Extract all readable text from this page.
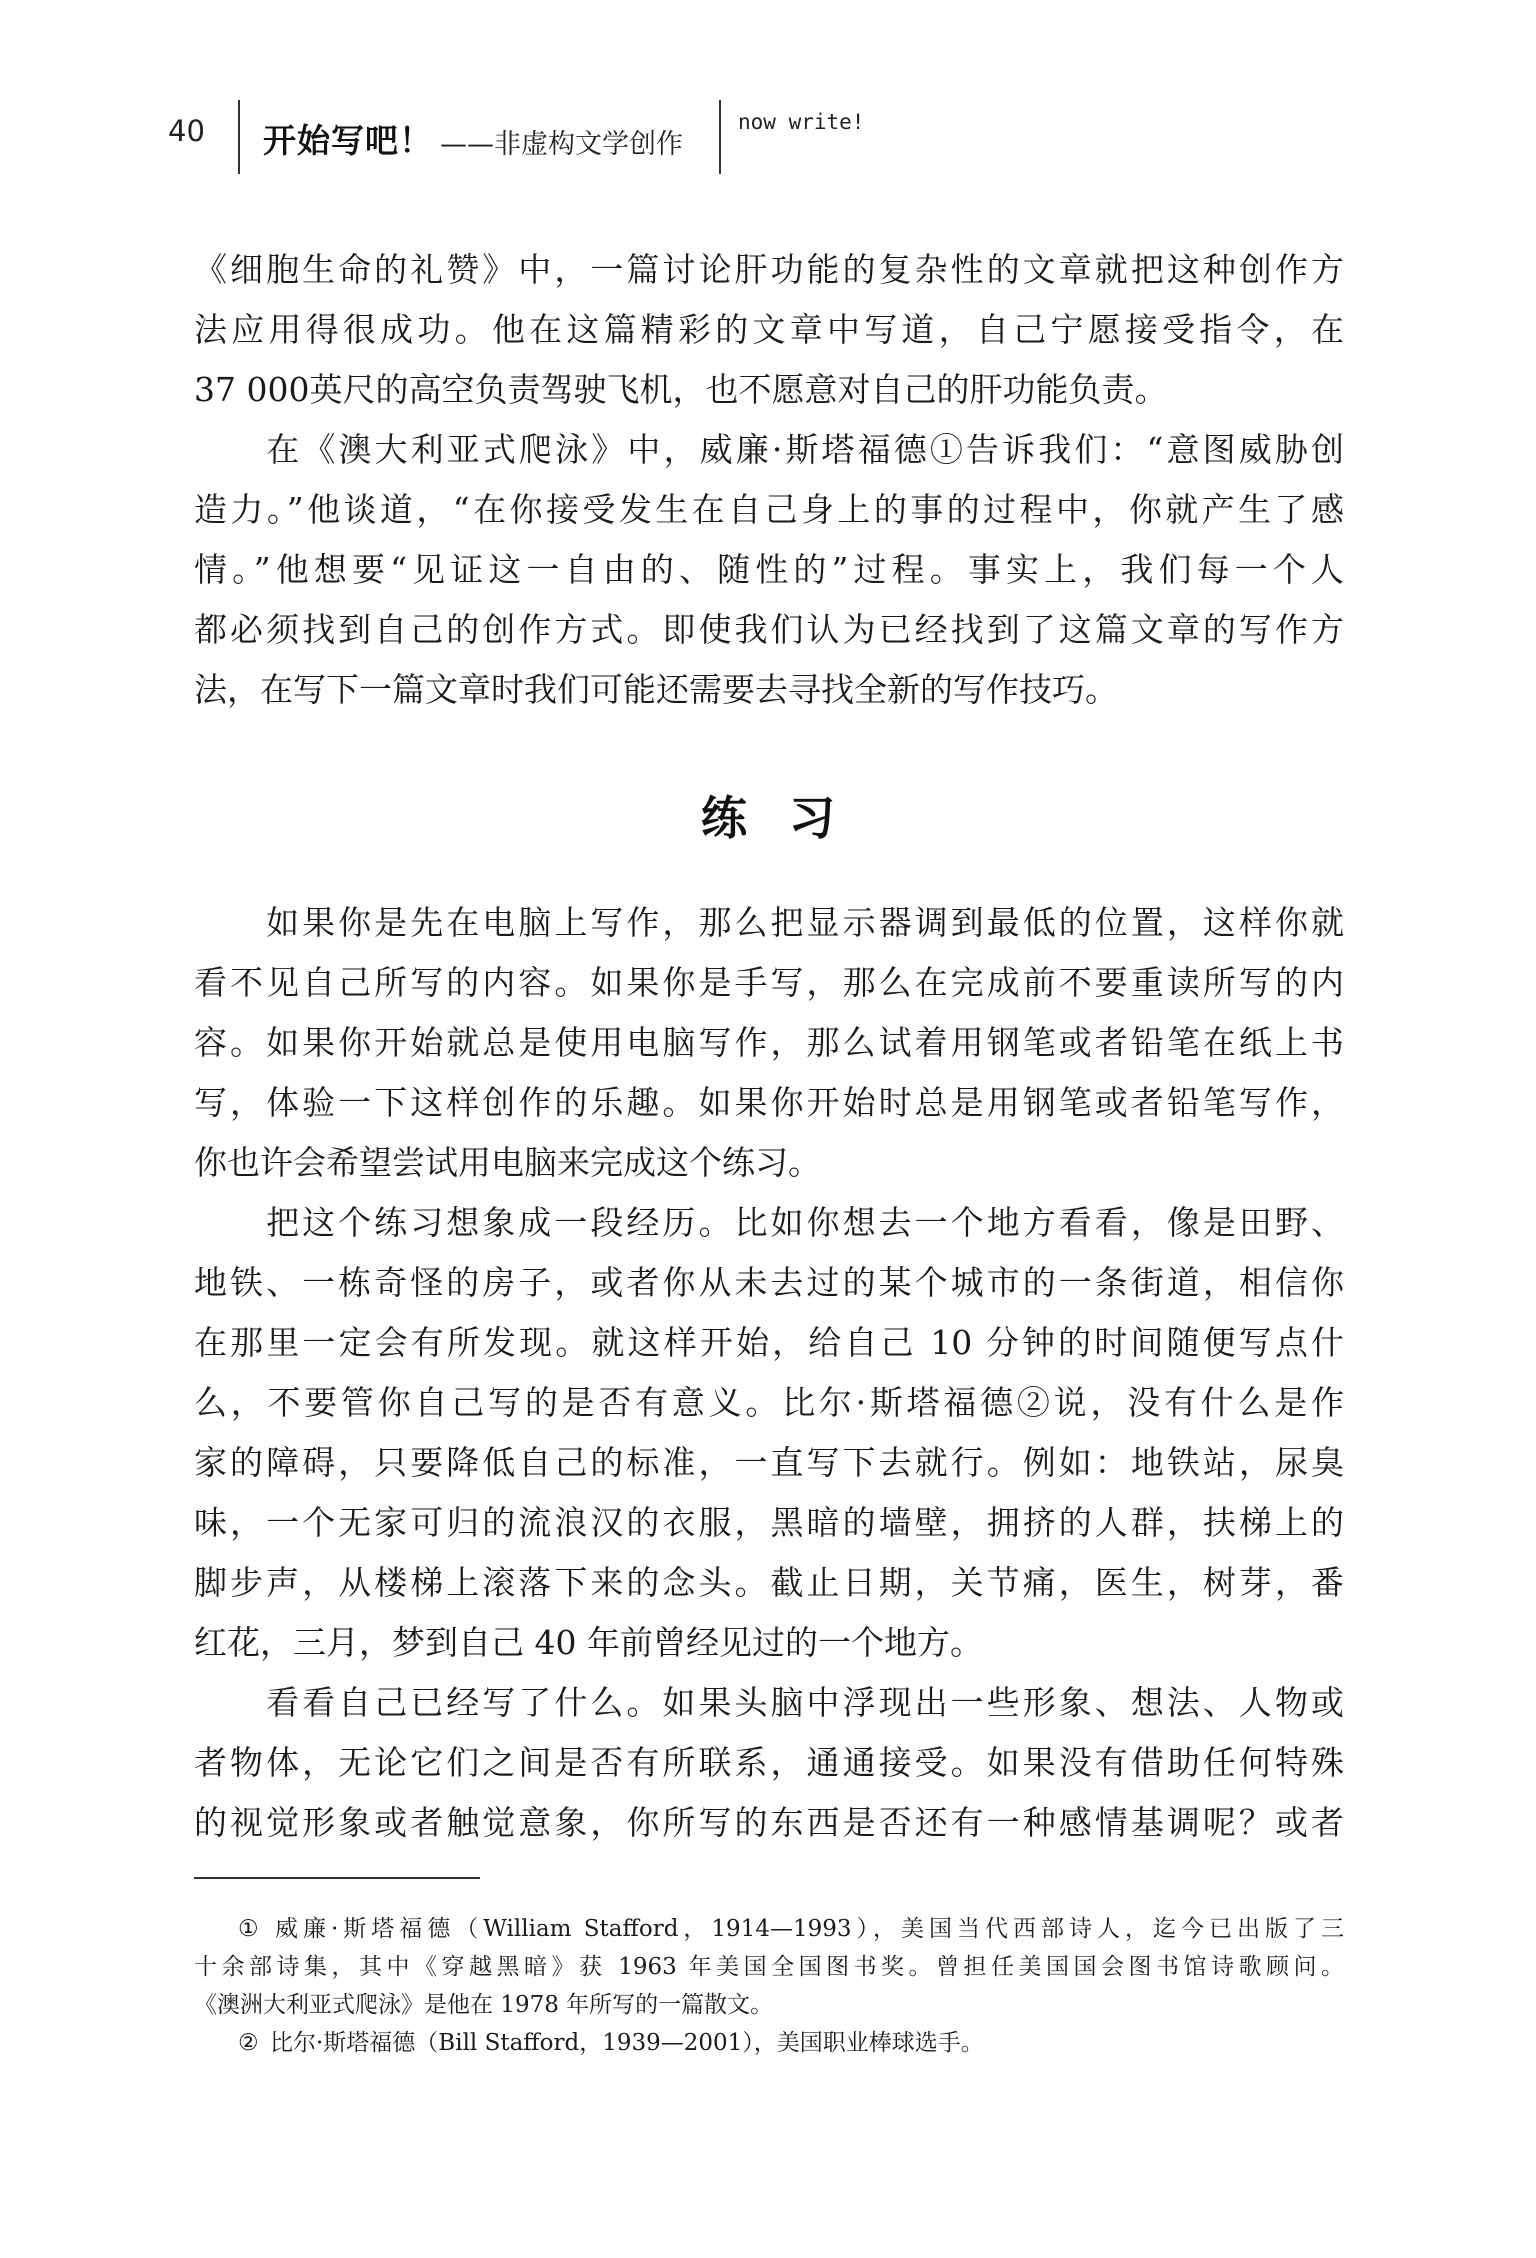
40 开始写吧！ ——非虚构文学创作
now write!
《细胞生命的礼赞》中，一篇讨论肝功能的复杂性的文章就把这种创作方
法应用得很成功。他在这篇精彩的文章中写道，自己宁愿接受指令，在
37 000英尺的高空负责驾驶飞机，也不愿意对自己的肝功能负责。
　　在《澳大利亚式爬泳》中，威廉·斯塔福德①告诉我们：“意图威胁创
造力。”他谈道，“在你接受发生在自己身上的事的过程中，你就产生了感
情。”他想要“见证这一自由的、随性的”过程。事实上，我们每一个人
都必须找到自己的创作方式。即使我们认为已经找到了这篇文章的写作方
法，在写下一篇文章时我们可能还需要去寻找全新的写作技巧。
练习
　　如果你是先在电脑上写作，那么把显示器调到最低的位置，这样你就
看不见自己所写的内容。如果你是手写，那么在完成前不要重读所写的内
容。如果你开始就总是使用电脑写作，那么试着用钢笔或者铅笔在纸上书
写，体验一下这样创作的乐趣。如果你开始时总是用钢笔或者铅笔写作，
你也许会希望尝试用电脑来完成这个练习。
　　把这个练习想象成一段经历。比如你想去一个地方看看，像是田野、
地铁、一栋奇怪的房子，或者你从未去过的某个城市的一条街道，相信你
在那里一定会有所发现。就这样开始，给自己 10 分钟的时间随便写点什
么，不要管你自己写的是否有意义。比尔·斯塔福德②说，没有什么是作
家的障碍，只要降低自己的标准，一直写下去就行。例如：地铁站，尿臭
味，一个无家可归的流浪汉的衣服，黑暗的墙壁，拥挤的人群，扶梯上的
脚步声，从楼梯上滚落下来的念头。截止日期，关节痛，医生，树芽，番
红花，三月，梦到自己 40 年前曾经见过的一个地方。
　　看看自己已经写了什么。如果头脑中浮现出一些形象、想法、人物或
者物体，无论它们之间是否有所联系，通通接受。如果没有借助任何特殊
的视觉形象或者触觉意象，你所写的东西是否还有一种感情基调呢？或者
① 威廉·斯塔福德（William Stafford，1914—1993），美国当代西部诗人，迄今已出版了三
十余部诗集，其中《穿越黑暗》获 1963 年美国全国图书奖。曾担任美国国会图书馆诗歌顾问。
《澳洲大利亚式爬泳》是他在 1978 年所写的一篇散文。
② 比尔·斯塔福德（Bill Stafford，1939—2001），美国职业棒球选手。
